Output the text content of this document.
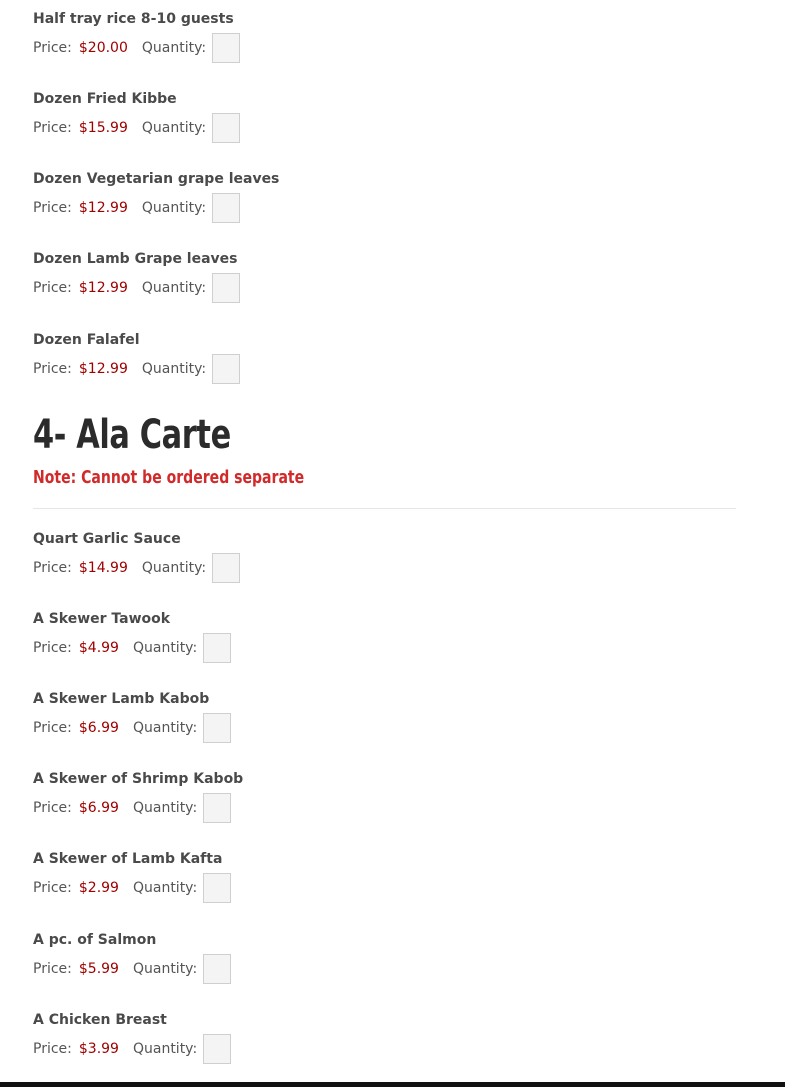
Half tray rice 8-10 guests
Price: $20.00 Quantity:
Dozen Fried Kibbe
Price: $15.99 Quantity:
Dozen Vegetarian grape leaves
Price: $12.99 Quantity:
Dozen Lamb Grape leaves
Price: $12.99 Quantity:
Dozen Falafel
Price: $12.99 Quantity:
4- Ala Carte
Note: Cannot be ordered separate
Quart Garlic Sauce
Price: $14.99 Quantity:
A Skewer Tawook
Price: $4.99 Quantity:
A Skewer Lamb Kabob
Price: $6.99 Quantity:
A Skewer of Shrimp Kabob
Price: $6.99 Quantity:
A Skewer of Lamb Kafta
Price: $2.99 Quantity:
A pc. of Salmon
Price: $5.99 Quantity:
A Chicken Breast
Price: $3.99 Quantity:
